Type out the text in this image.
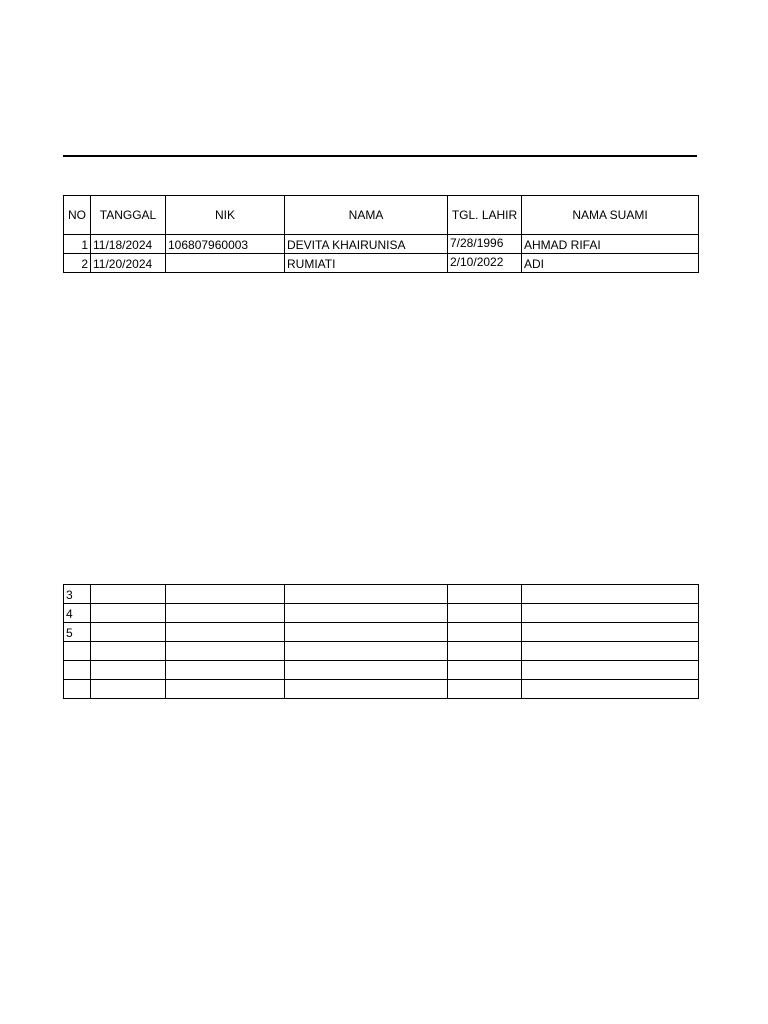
NO	TANGGAL	NIK	NAMA	TGL. LAHIR	NAMA SUAMI
1	11/18/2024	106807960003	DEVITA KHAIRUNISA	7/28/1996	AHMAD RIFAI
2	11/20/2024		RUMIATI	2/10/2022	ADI
3					
4					
5					
